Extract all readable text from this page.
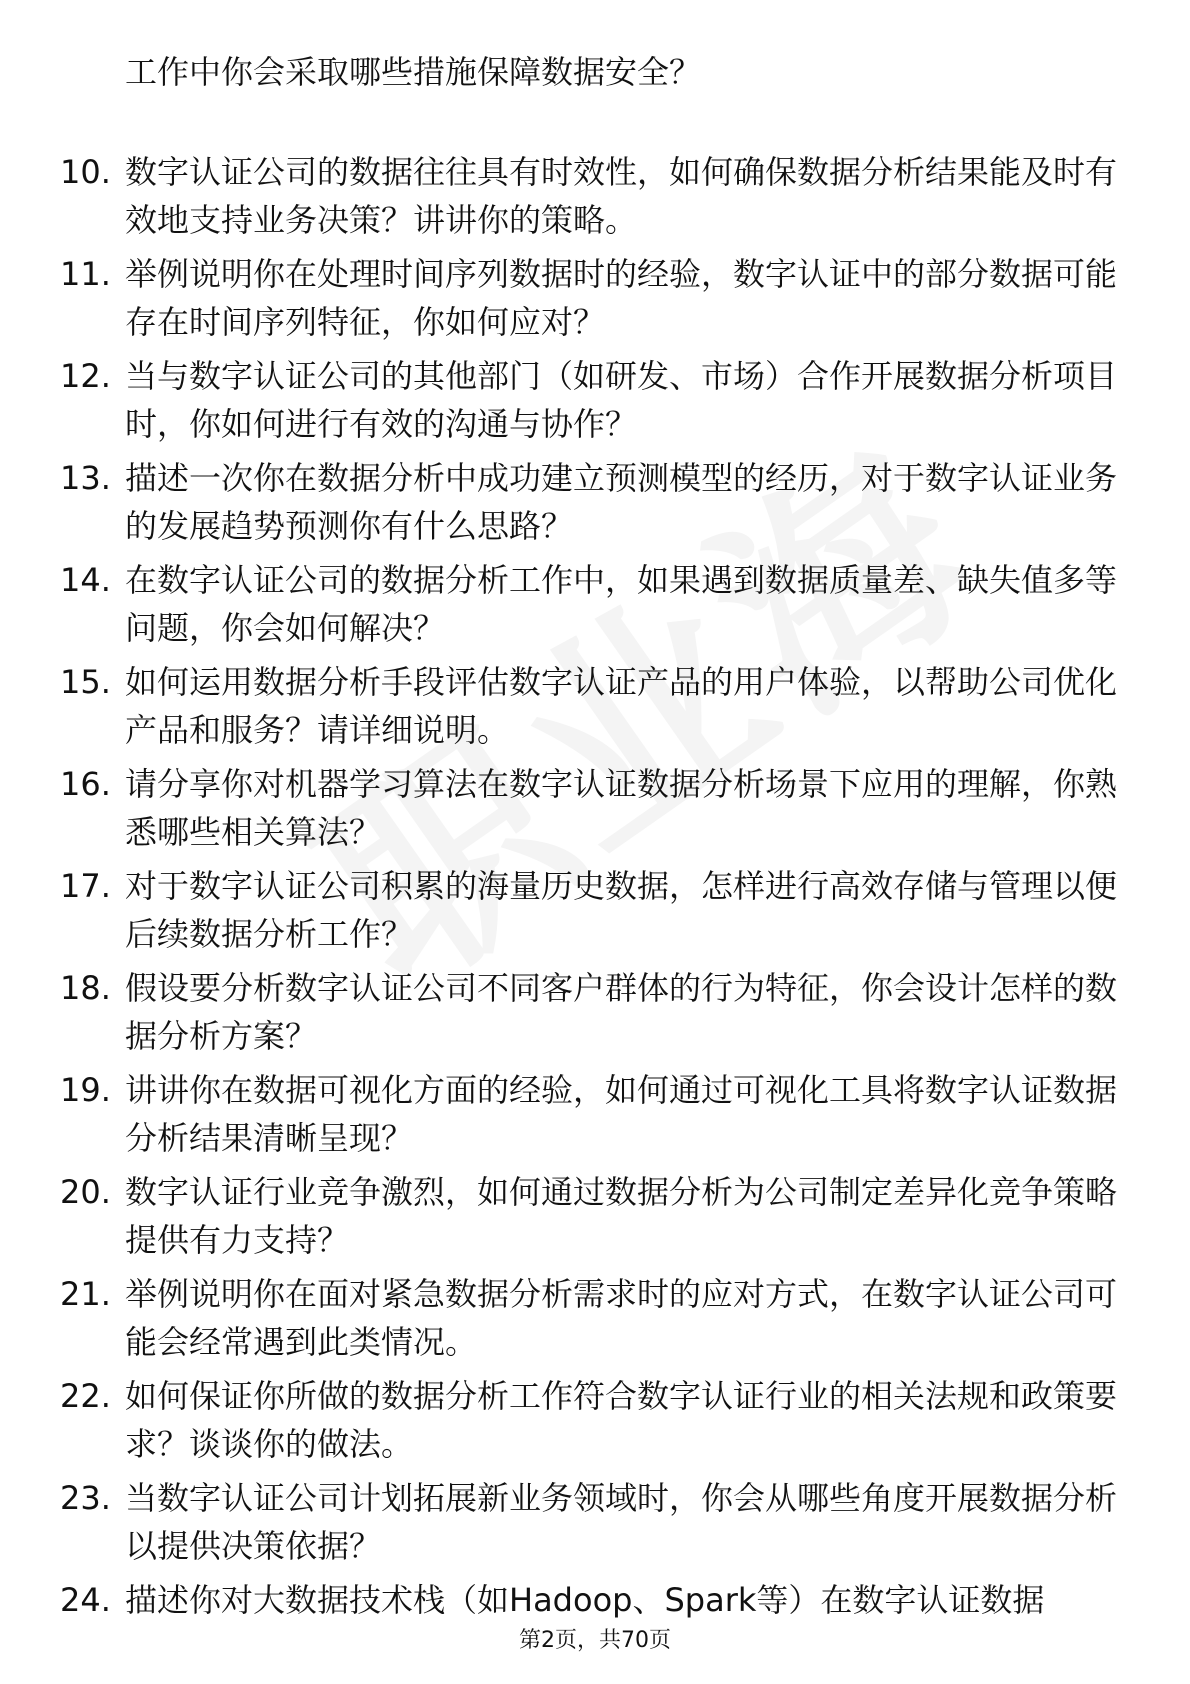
工作中你会采取哪些措施保障数据安全？
10. 数字认证公司的数据往往具有时效性，如何确保数据分析结果能及时有效地支持业务决策？讲讲你的策略。
11. 举例说明你在处理时间序列数据时的经验，数字认证中的部分数据可能存在时间序列特征，你如何应对？
12. 当与数字认证公司的其他部门（如研发、市场）合作开展数据分析项目时，你如何进行有效的沟通与协作？
13. 描述一次你在数据分析中成功建立预测模型的经历，对于数字认证业务的发展趋势预测你有什么思路？
14. 在数字认证公司的数据分析工作中，如果遇到数据质量差、缺失值多等问题，你会如何解决？
15. 如何运用数据分析手段评估数字认证产品的用户体验，以帮助公司优化产品和服务？请详细说明。
16. 请分享你对机器学习算法在数字认证数据分析场景下应用的理解，你熟悉哪些相关算法？
17. 对于数字认证公司积累的海量历史数据，怎样进行高效存储与管理以便后续数据分析工作？
18. 假设要分析数字认证公司不同客户群体的行为特征，你会设计怎样的数据分析方案？
19. 讲讲你在数据可视化方面的经验，如何通过可视化工具将数字认证数据分析结果清晰呈现？
20. 数字认证行业竞争激烈，如何通过数据分析为公司制定差异化竞争策略提供有力支持？
21. 举例说明你在面对紧急数据分析需求时的应对方式，在数字认证公司可能会经常遇到此类情况。
22. 如何保证你所做的数据分析工作符合数字认证行业的相关法规和政策要求？谈谈你的做法。
23. 当数字认证公司计划拓展新业务领域时，你会从哪些角度开展数据分析以提供决策依据？
24. 描述你对大数据技术栈（如Hadoop、Spark等）在数字认证数据
第2页，共70页
